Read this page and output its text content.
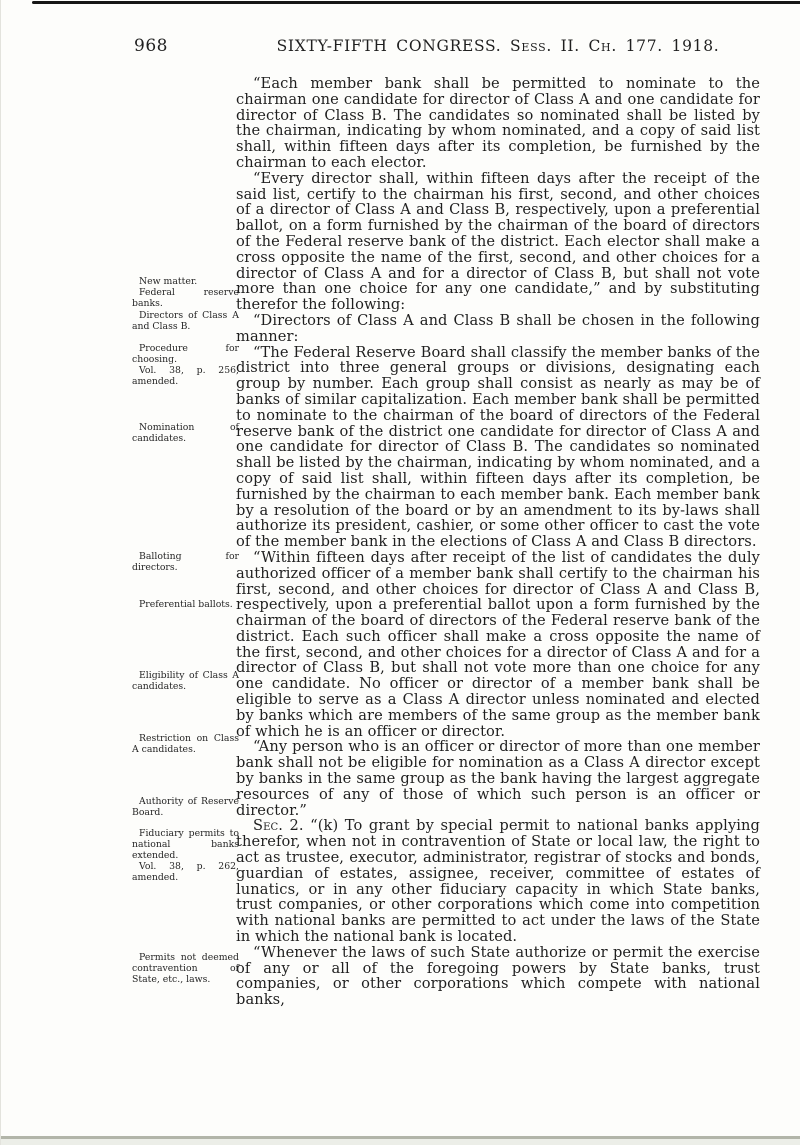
968	SIXTY-FIFTH CONGRESS. Sess. II. Ch. 177. 1918.

“Each member bank shall be permitted to nominate to the chairman one candidate for director of Class A and one candidate for director of Class B. The candidates so nominated shall be listed by the chairman, indicating by whom nominated, and a copy of said list shall, within fifteen days after its completion, be furnished by the chairman to each elector.

“Every director shall, within fifteen days after the receipt of the said list, certify to the chairman his first, second, and other choices of a director of Class A and Class B, respectively, upon a preferential ballot, on a form furnished by the chairman of the board of directors of the Federal reserve bank of the district. Each elector shall make a cross opposite the name of the first, second, and other choices for a director of Class A and for a director of Class B, but shall not vote more than one choice for any one candidate,” and by substituting therefor the following:

“Directors of Class A and Class B shall be chosen in the following manner:

“The Federal Reserve Board shall classify the member banks of the district into three general groups or divisions, designating each group by number. Each group shall consist as nearly as may be of banks of similar capitalization. Each member bank shall be permitted to nominate to the chairman of the board of directors of the Federal reserve bank of the district one candidate for director of Class A and one candidate for director of Class B. The candidates so nominated shall be listed by the chairman, indicating by whom nominated, and a copy of said list shall, within fifteen days after its completion, be furnished by the chairman to each member bank. Each member bank by a resolution of the board or by an amendment to its by-laws shall authorize its president, cashier, or some other officer to cast the vote of the member bank in the elections of Class A and Class B directors.

“Within fifteen days after receipt of the list of candidates the duly authorized officer of a member bank shall certify to the chairman his first, second, and other choices for director of Class A and Class B, respectively, upon a preferential ballot upon a form furnished by the chairman of the board of directors of the Federal reserve bank of the district. Each such officer shall make a cross opposite the name of the first, second, and other choices for a director of Class A and for a director of Class B, but shall not vote more than one choice for any one candidate. No officer or director of a member bank shall be eligible to serve as a Class A director unless nominated and elected by banks which are members of the same group as the member bank of which he is an officer or director.

“Any person who is an officer or director of more than one member bank shall not be eligible for nomination as a Class A director except by banks in the same group as the bank having the largest aggregate resources of any of those of which such person is an officer or director.”

Sec. 2. “(k) To grant by special permit to national banks applying therefor, when not in contravention of State or local law, the right to act as trustee, executor, administrator, registrar of stocks and bonds, guardian of estates, assignee, receiver, committee of estates of lunatics, or in any other fiduciary capacity in which State banks, trust companies, or other corporations which come into competition with national banks are permitted to act under the laws of the State in which the national bank is located.

“Whenever the laws of such State authorize or permit the exercise of any or all of the foregoing powers by State banks, trust companies, or other corporations which compete with national banks,

New matter.

Federal reserve banks.

Directors of Class A and Class B.

Procedure for choosing.

Vol. 38, p. 256, amended.

Nomination of candidates.

Balloting for directors.

Preferential ballots.

Eligibility of Class A candidates.

Restriction on Class A candidates.

Authority of Reserve Board.

Fiduciary permits to national banks extended.

Vol. 38, p. 262, amended.

Permits not deemed contravention of State, etc., laws.
